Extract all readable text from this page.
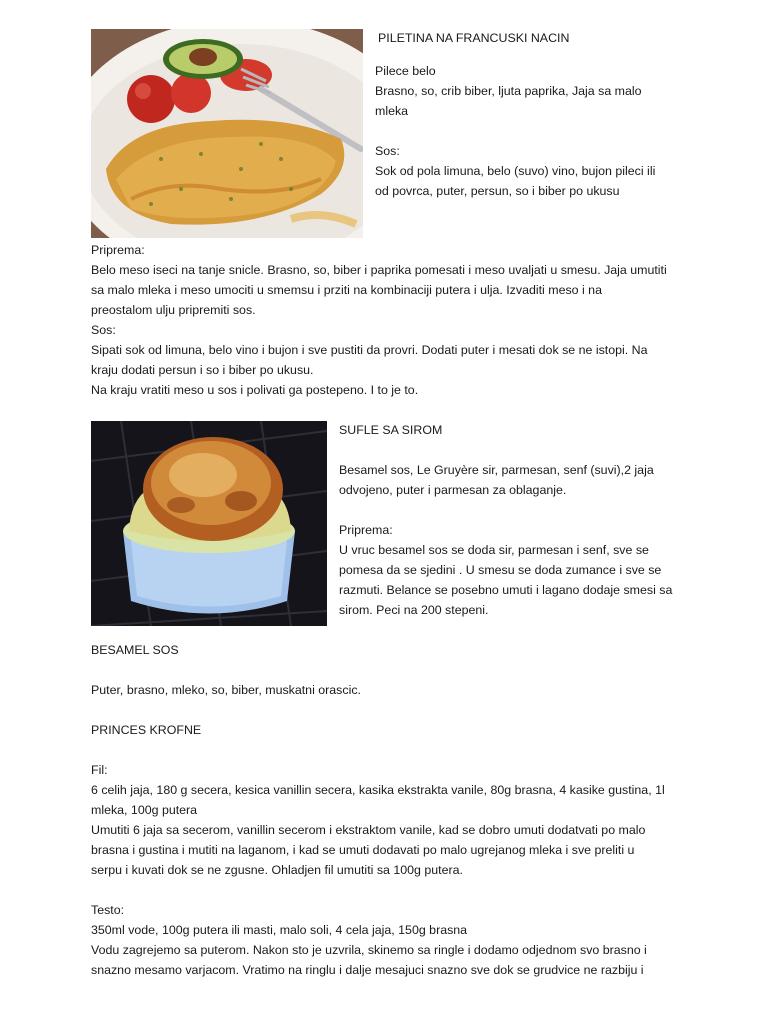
PILETINA NA FRANCUSKI NACIN
Pilece belo
Brasno, so, crib biber, ljuta paprika, Jaja sa malo
mleka
Sos:
Sok od pola limuna, belo (suvo) vino, bujon pileci ili
od povrca, puter, persun, so i biber po ukusu
Priprema:
Belo meso iseci na tanje snicle. Brasno, so, biber i paprika pomesati i meso uvaljati u smesu. Jaja umutiti
sa malo mleka i meso umociti u smemsu i prziti na kombinaciji putera i ulja. Izvaditi meso i na
preostalom ulju pripremiti sos.
Sos:
Sipati sok od limuna, belo vino i bujon i sve pustiti da provri. Dodati puter i mesati dok se ne istopi. Na
kraju dodati persun i so i biber po ukusu.
Na kraju vratiti meso u sos i polivati ga postepeno. I to je to.
SUFLE SA SIROM
Besamel sos, Le Gruyère sir, parmesan, senf (suvi),2 jaja
odvojeno, puter i parmesan za oblaganje.
Priprema:
U vruc besamel sos se doda sir, parmesan i senf, sve se
pomesa da se sjedini . U smesu se doda zumance i sve se
razmuti. Belance se posebno umuti i lagano dodaje smesi sa
sirom. Peci na 200 stepeni.
BESAMEL SOS
Puter, brasno, mleko, so, biber, muskatni orascic.
PRINCES KROFNE
Fil:
6 celih jaja, 180 g secera, kesica vanillin secera, kasika ekstrakta vanile, 80g brasna, 4 kasike gustina, 1l
mleka, 100g putera
Umutiti 6 jaja sa secerom, vanillin secerom i ekstraktom vanile, kad se dobro umuti dodatvati po malo
brasna i gustina i mutiti na laganom, i kad se umuti dodavati po malo ugrejanog mleka i sve preliti u
serpu i kuvati dok se ne zgusne. Ohladjen fil umutiti sa 100g putera.
Testo:
350ml vode, 100g putera ili masti, malo soli, 4 cela jaja, 150g brasna
Vodu zagrejemo sa puterom. Nakon sto je uzvrila, skinemo sa ringle i dodamo odjednom svo brasno i
snazno mesamo varjacom. Vratimo na ringlu i dalje mesajuci snazno sve dok se grudvice ne razbiju i
